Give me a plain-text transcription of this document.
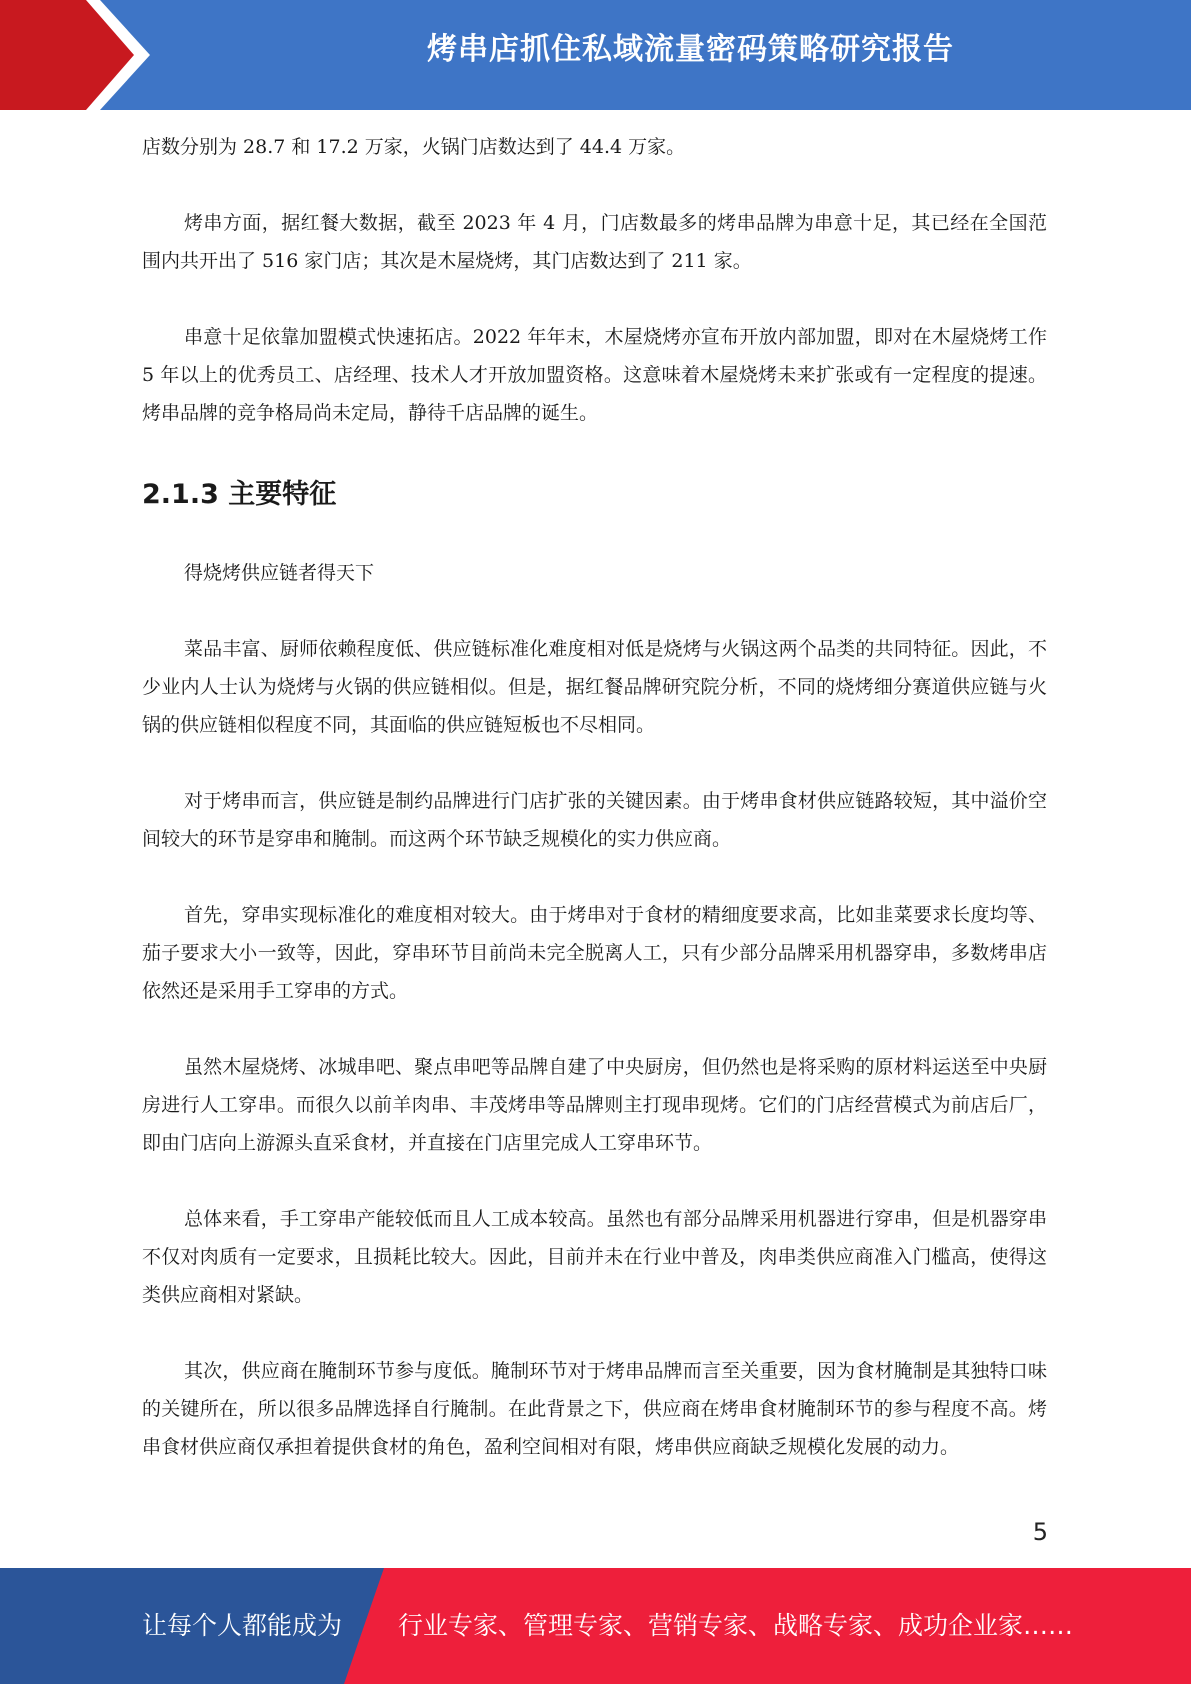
烤串店抓住私域流量密码策略研究报告

店数分别为 28.7 和 17.2 万家，火锅门店数达到了 44.4 万家。

烤串方面，据红餐大数据，截至 2023 年 4 月，门店数最多的烤串品牌为串意十足，其已经在全国范围内共开出了 516 家门店；其次是木屋烧烤，其门店数达到了 211 家。

串意十足依靠加盟模式快速拓店。2022 年年末，木屋烧烤亦宣布开放内部加盟，即对在木屋烧烤工作 5 年以上的优秀员工、店经理、技术人才开放加盟资格。这意味着木屋烧烤未来扩张或有一定程度的提速。烤串品牌的竞争格局尚未定局，静待千店品牌的诞生。

2.1.3 主要特征

得烧烤供应链者得天下

菜品丰富、厨师依赖程度低、供应链标准化难度相对低是烧烤与火锅这两个品类的共同特征。因此，不少业内人士认为烧烤与火锅的供应链相似。但是，据红餐品牌研究院分析，不同的烧烤细分赛道供应链与火锅的供应链相似程度不同，其面临的供应链短板也不尽相同。

对于烤串而言，供应链是制约品牌进行门店扩张的关键因素。由于烤串食材供应链路较短，其中溢价空间较大的环节是穿串和腌制。而这两个环节缺乏规模化的实力供应商。

首先，穿串实现标准化的难度相对较大。由于烤串对于食材的精细度要求高，比如韭菜要求长度均等、茄子要求大小一致等，因此，穿串环节目前尚未完全脱离人工，只有少部分品牌采用机器穿串，多数烤串店依然还是采用手工穿串的方式。

虽然木屋烧烤、冰城串吧、聚点串吧等品牌自建了中央厨房，但仍然也是将采购的原材料运送至中央厨房进行人工穿串。而很久以前羊肉串、丰茂烤串等品牌则主打现串现烤。它们的门店经营模式为前店后厂，即由门店向上游源头直采食材，并直接在门店里完成人工穿串环节。

总体来看，手工穿串产能较低而且人工成本较高。虽然也有部分品牌采用机器进行穿串，但是机器穿串不仅对肉质有一定要求，且损耗比较大。因此，目前并未在行业中普及，肉串类供应商准入门槛高，使得这类供应商相对紧缺。

其次，供应商在腌制环节参与度低。腌制环节对于烤串品牌而言至关重要，因为食材腌制是其独特口味的关键所在，所以很多品牌选择自行腌制。在此背景之下，供应商在烤串食材腌制环节的参与程度不高。烤串食材供应商仅承担着提供食材的角色，盈利空间相对有限，烤串供应商缺乏规模化发展的动力。

5
让每个人都能成为 行业专家、管理专家、营销专家、战略专家、成功企业家……
